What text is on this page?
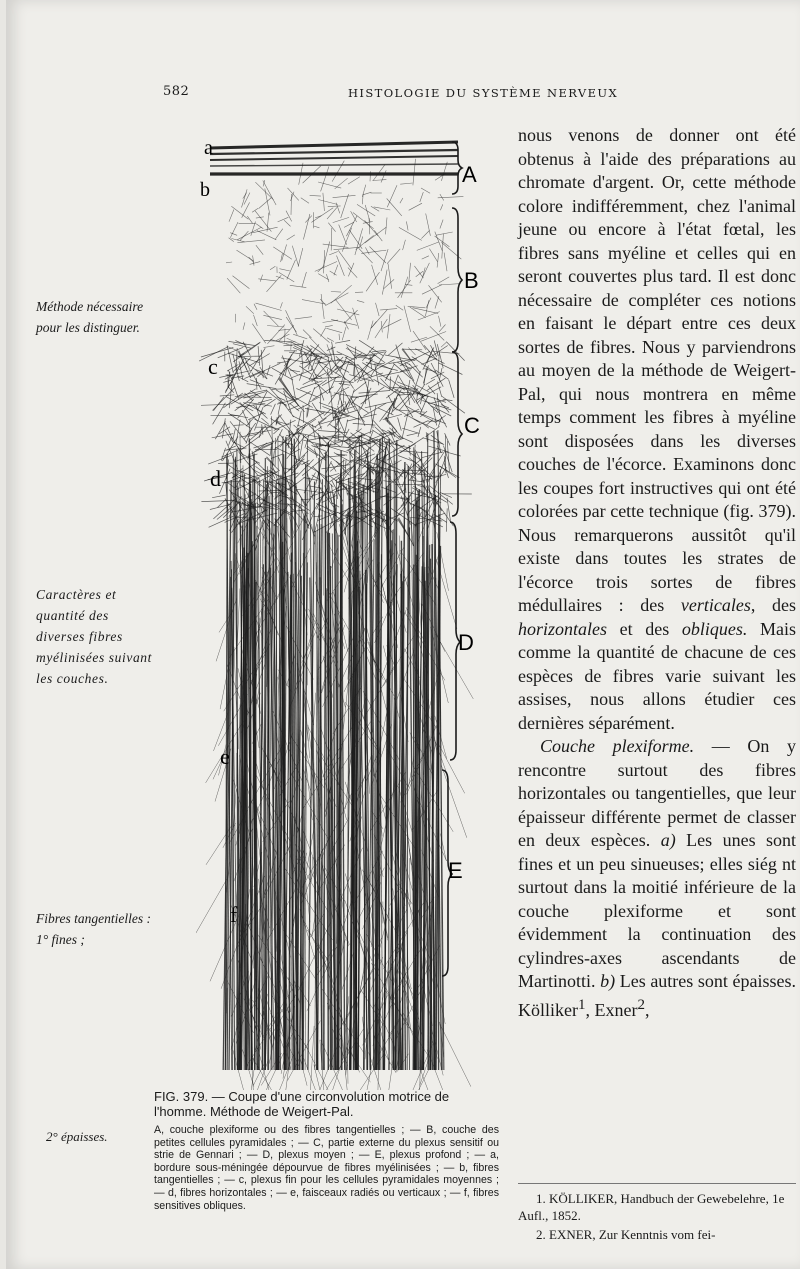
582	HISTOLOGIE DU SYSTÈME NERVEUX
Méthode nécessaire pour les distinguer.
Caractères et quantité des diverses fibres myélinisées suivant les couches.
Fibres tangentielles : 1° fines ;
2° épaisses.
A
B
C
D
E
a
b
c
d
e
f
FIG. 379. — Coupe d'une circonvolution motrice de l'homme. Méthode de Weigert-Pal.
A, couche plexiforme ou des fibres tangentielles ; — B, couche des petites cellules pyramidales ; — C, partie externe du plexus sensitif ou strie de Gennari ; — D, plexus moyen ; — E, plexus profond ; — a, bordure sous-méningée dépourvue de fibres myélinisées ; — b, fibres tangentielles ; — c, plexus fin pour les cellules pyramidales moyennes ; — d, fibres horizontales ; — e, faisceaux radiés ou verticaux ; — f, fibres sensitives obliques.

nous venons de donner ont été obtenus à l'aide des préparations au chromate d'argent. Or, cette méthode colore indifféremment, chez l'animal jeune ou encore à l'état fœtal, les fibres sans myéline et celles qui en seront couvertes plus tard. Il est donc nécessaire de compléter ces notions en faisant le départ entre ces deux sortes de fibres. Nous y parviendrons au moyen de la méthode de Weigert-Pal, qui nous montrera en même temps comment les fibres à myéline sont disposées dans les diverses couches de l'écorce. Examinons donc les coupes fort instructives qui ont été colorées par cette technique (fig. 379). Nous remarquerons aussitôt qu'il existe dans toutes les strates de l'écorce trois sortes de fibres médullaires : des verticales, des horizontales et des obliques. Mais comme la quantité de chacune de ces espèces de fibres varie suivant les assises, nous allons étudier ces dernières séparément.

Couche plexiforme. — On y rencontre surtout des fibres horizontales ou tangentielles, que leur épaisseur différente permet de classer en deux espèces. a) Les unes sont fines et un peu sinueuses; elles siég nt surtout dans la moitié inférieure de la couche plexiforme et sont évidemment la continuation des cylindres-axes ascendants de Martinotti. b) Les autres sont épaisses. Kölliker$^1$, Exner$^2$,

1. KÖLLIKER, Handbuch der Gewebelehre, 1e Aufl., 1852.

2. EXNER, Zur Kenntnis vom fei-
